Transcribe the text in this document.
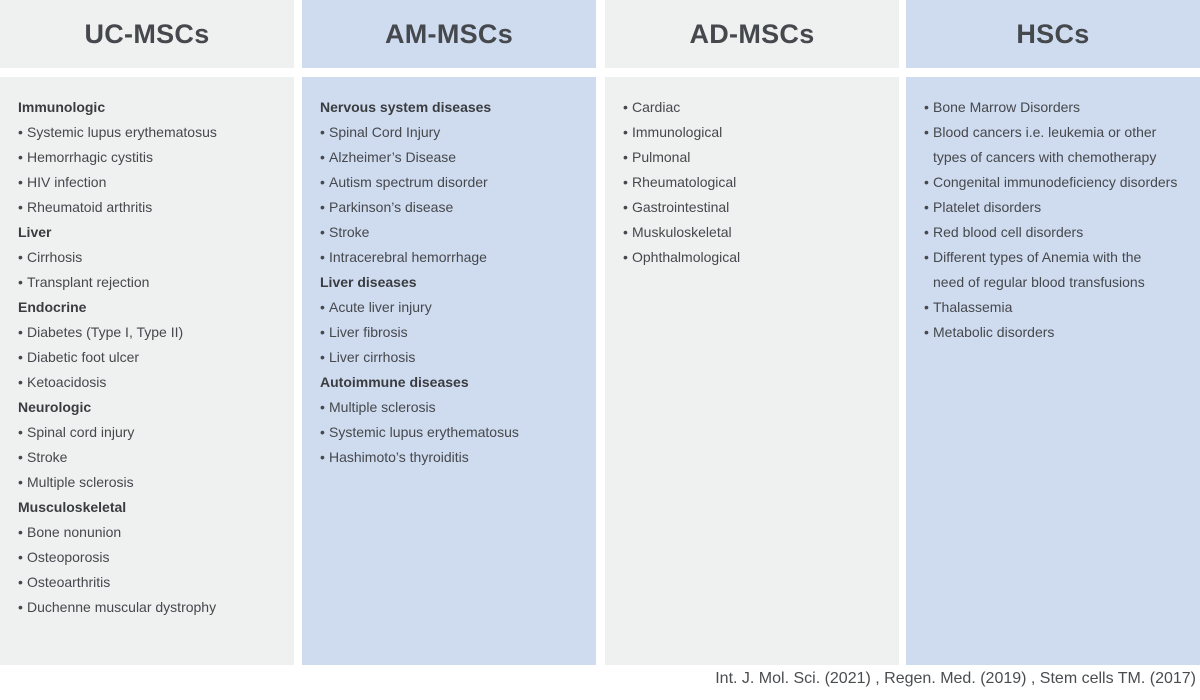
UC-MSCs
Immunologic
• Systemic lupus erythematosus
• Hemorrhagic cystitis
• HIV infection
• Rheumatoid arthritis
Liver
• Cirrhosis
• Transplant rejection
Endocrine
• Diabetes (Type I, Type II)
• Diabetic foot ulcer
• Ketoacidosis
Neurologic
• Spinal cord injury
• Stroke
• Multiple sclerosis
Musculoskeletal
• Bone nonunion
• Osteoporosis
• Osteoarthritis
• Duchenne muscular dystrophy
AM-MSCs
Nervous system diseases
• Spinal Cord Injury
• Alzheimer’s Disease
• Autism spectrum disorder
• Parkinson’s disease
• Stroke
• Intracerebral hemorrhage
Liver diseases
• Acute liver injury
• Liver fibrosis
• Liver cirrhosis
Autoimmune diseases
• Multiple sclerosis
• Systemic lupus erythematosus
• Hashimoto’s thyroiditis
AD-MSCs
• Cardiac
• Immunological
• Pulmonal
• Rheumatological
• Gastrointestinal
• Muskuloskeletal
• Ophthalmological
HSCs
• Bone Marrow Disorders
• Blood cancers i.e. leukemia or other
types of cancers with chemotherapy
• Congenital immunodeficiency disorders
• Platelet disorders
• Red blood cell disorders
• Different types of Anemia with the
need of regular blood transfusions
• Thalassemia
• Metabolic disorders
Int. J. Mol. Sci. (2021) , Regen. Med. (2019) , Stem cells TM. (2017)
